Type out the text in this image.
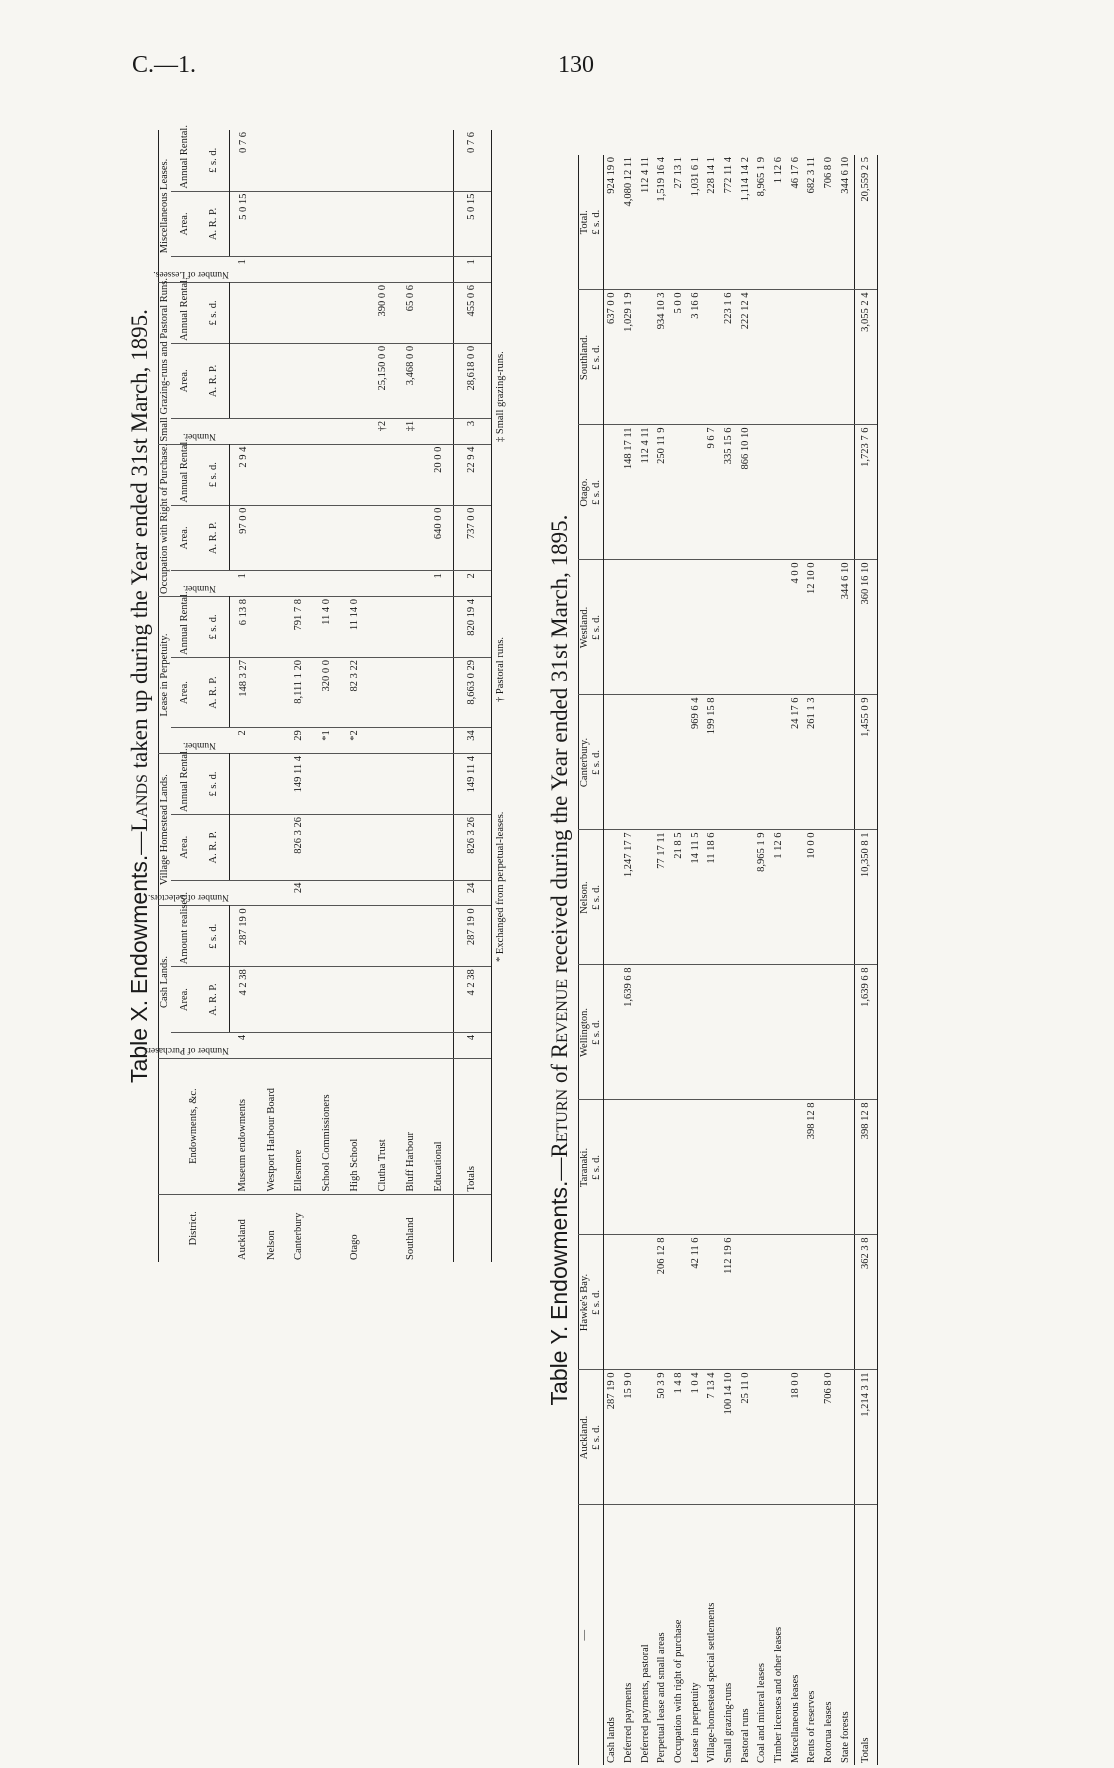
C.—1.	130
Table X. Endowments.—Lands taken up during the Year ended 31st March, 1895.
District.	Endowments, &c.	Cash Lands.			Village Homestead Lands.			Lease in Perpetuity.			Occupation with Right of Purchase.			Small Grazing-runs and Pastoral Runs.			Miscellaneous Leases.		

		Number of Purchasers.	Area.	Amount realised.	Number of Selectors.	Area.	Annual Rental.	Number.	Area.	Annual Rental.	Number.	Area.	Annual Rental.	Number.	Area.	Annual Rental.	Number of Lessees.	Area.	Annual Rental.
			A. R. P.	£ s. d.		A. R. P.	£ s. d.		A. R. P.	£ s. d.		A. R. P.	£ s. d.		A. R. P.	£ s. d.		A. R. P.	£ s. d.
Auckland	Museum endowments	4	4 2 38	287 19 0				2	148 3 27	6 13 8	1	97 0 0	2 9 4				1	5 0 15	0 7 6
Nelson	Westport Harbour Board																		
Canterbury	Ellesmere				24	826 3 26	149 11 4	29	8,111 1 20	791 7 8									
	School Commissioners							*1	320 0 0	11 4 0									
Otago	High School							*2	82 3 22	11 14 0									
	Clutha Trust													†2	25,150 0 0	390 0 0			
Southland	Bluff Harbour													‡1	3,468 0 0	65 0 6			
	Educational										1	640 0 0	20 0 0						
	Totals	4	4 2 38	287 19 0	24	826 3 26	149 11 4	34	8,663 0 29	820 19 4	2	737 0 0	22 9 4	3	28,618 0 0	455 0 6	1	5 0 15	0 7 6
* Exchanged from perpetual-leases.
† Pastoral runs.
‡ Small grazing-runs.
Table Y. Endowments.—Return of Revenue received during the Year ended 31st March, 1895.
—	Auckland.	Hawke's Bay.	Taranaki.	Wellington.	Nelson.	Canterbury.	Westland.	Otago.	Southland.	Total.
	£ s. d.	£ s. d.	£ s. d.	£ s. d.	£ s. d.	£ s. d.	£ s. d.	£ s. d.	£ s. d.	£ s. d.
Cash lands	287 19 0								637 0 0	924 19 0
Deferred payments	15 9 0			1,639 6 8	1,247 17 7			148 17 11	1,029 1 9	4,080 12 11
Deferred payments, pastoral								112 4 11		112 4 11
Perpetual lease and small areas	50 3 9	206 12 8			77 17 11			250 11 9	934 10 3	1,519 16 4
Occupation with right of purchase	1 4 8				21 8 5				5 0 0	27 13 1
Lease in perpetuity	1 0 4	42 11 6			14 11 5	969 6 4			3 16 6	1,031 6 1
Village-homestead special settlements	7 13 4				11 18 6	199 15 8		9 6 7		228 14 1
Small grazing-runs	100 14 10	112 19 6						335 15 6	223 1 6	772 11 4
Pastoral runs	25 11 0							866 10 10	222 12 4	1,114 14 2
Coal and mineral leases					8,965 1 9					8,965 1 9
Timber licenses and other leases					1 12 6					1 12 6
Miscellaneous leases	18 0 0					24 17 6	4 0 0			46 17 6
Rents of reserves			398 12 8		10 0 0	261 1 3	12 10 0			682 3 11
Rotorua leases	706 8 0									706 8 0
State forests							344 6 10			344 6 10
Totals	1,214 3 11	362 3 8	398 12 8	1,639 6 8	10,350 8 1	1,455 0 9	360 16 10	1,723 7 6	3,055 2 4	20,559 2 5
